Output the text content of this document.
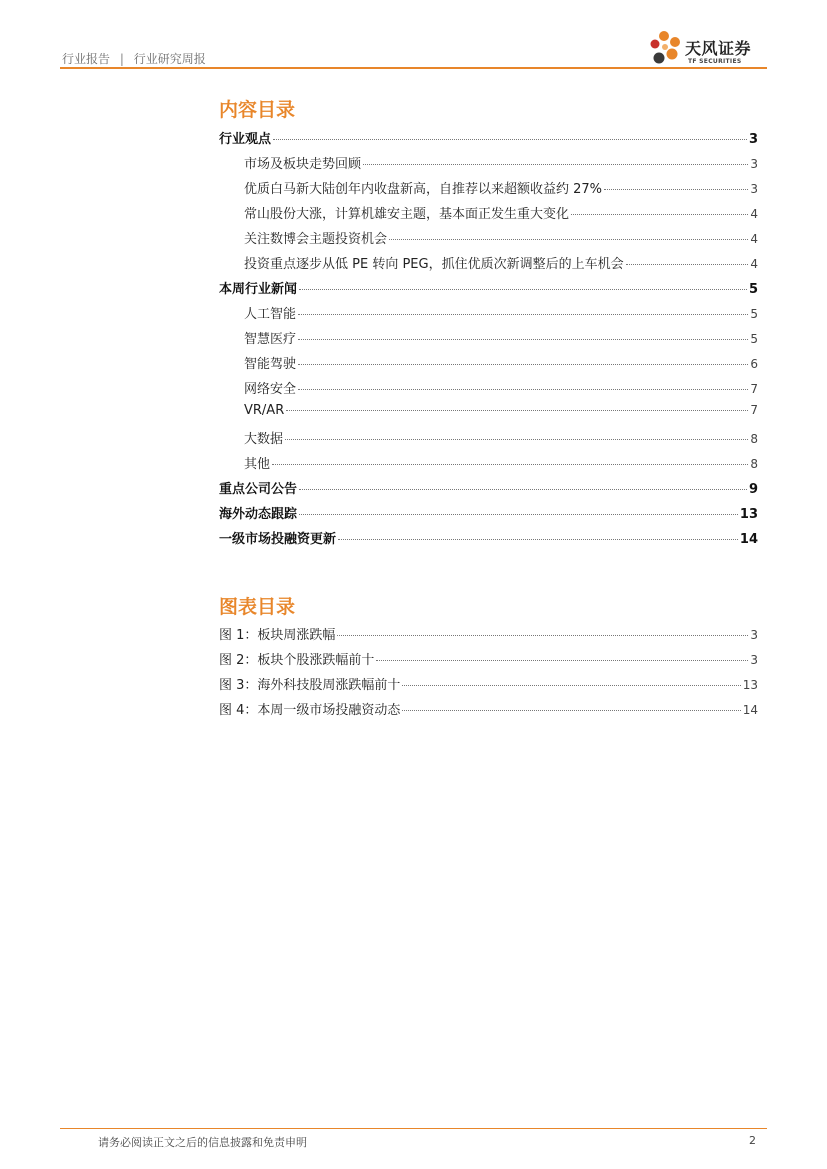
行业报告 | 行业研究周报
天风证券
TF SECURITIES
内容目录
行业观点	3
市场及板块走势回顾	3
优质白马新大陆创年内收盘新高，自推荐以来超额收益约 27%	3
常山股份大涨，计算机雄安主题，基本面正发生重大变化	4
关注数博会主题投资机会	4
投资重点逐步从低 PE 转向 PEG，抓住优质次新调整后的上车机会	4
本周行业新闻	5
人工智能	5
智慧医疗	5
智能驾驶	6
网络安全	7
VR/AR	7
大数据	8
其他	8
重点公司公告	9
海外动态跟踪	13
一级市场投融资更新	14
图表目录
图 1：板块周涨跌幅	3
图 2：板块个股涨跌幅前十	3
图 3：海外科技股周涨跌幅前十	13
图 4：本周一级市场投融资动态	14
请务必阅读正文之后的信息披露和免责申明	2
